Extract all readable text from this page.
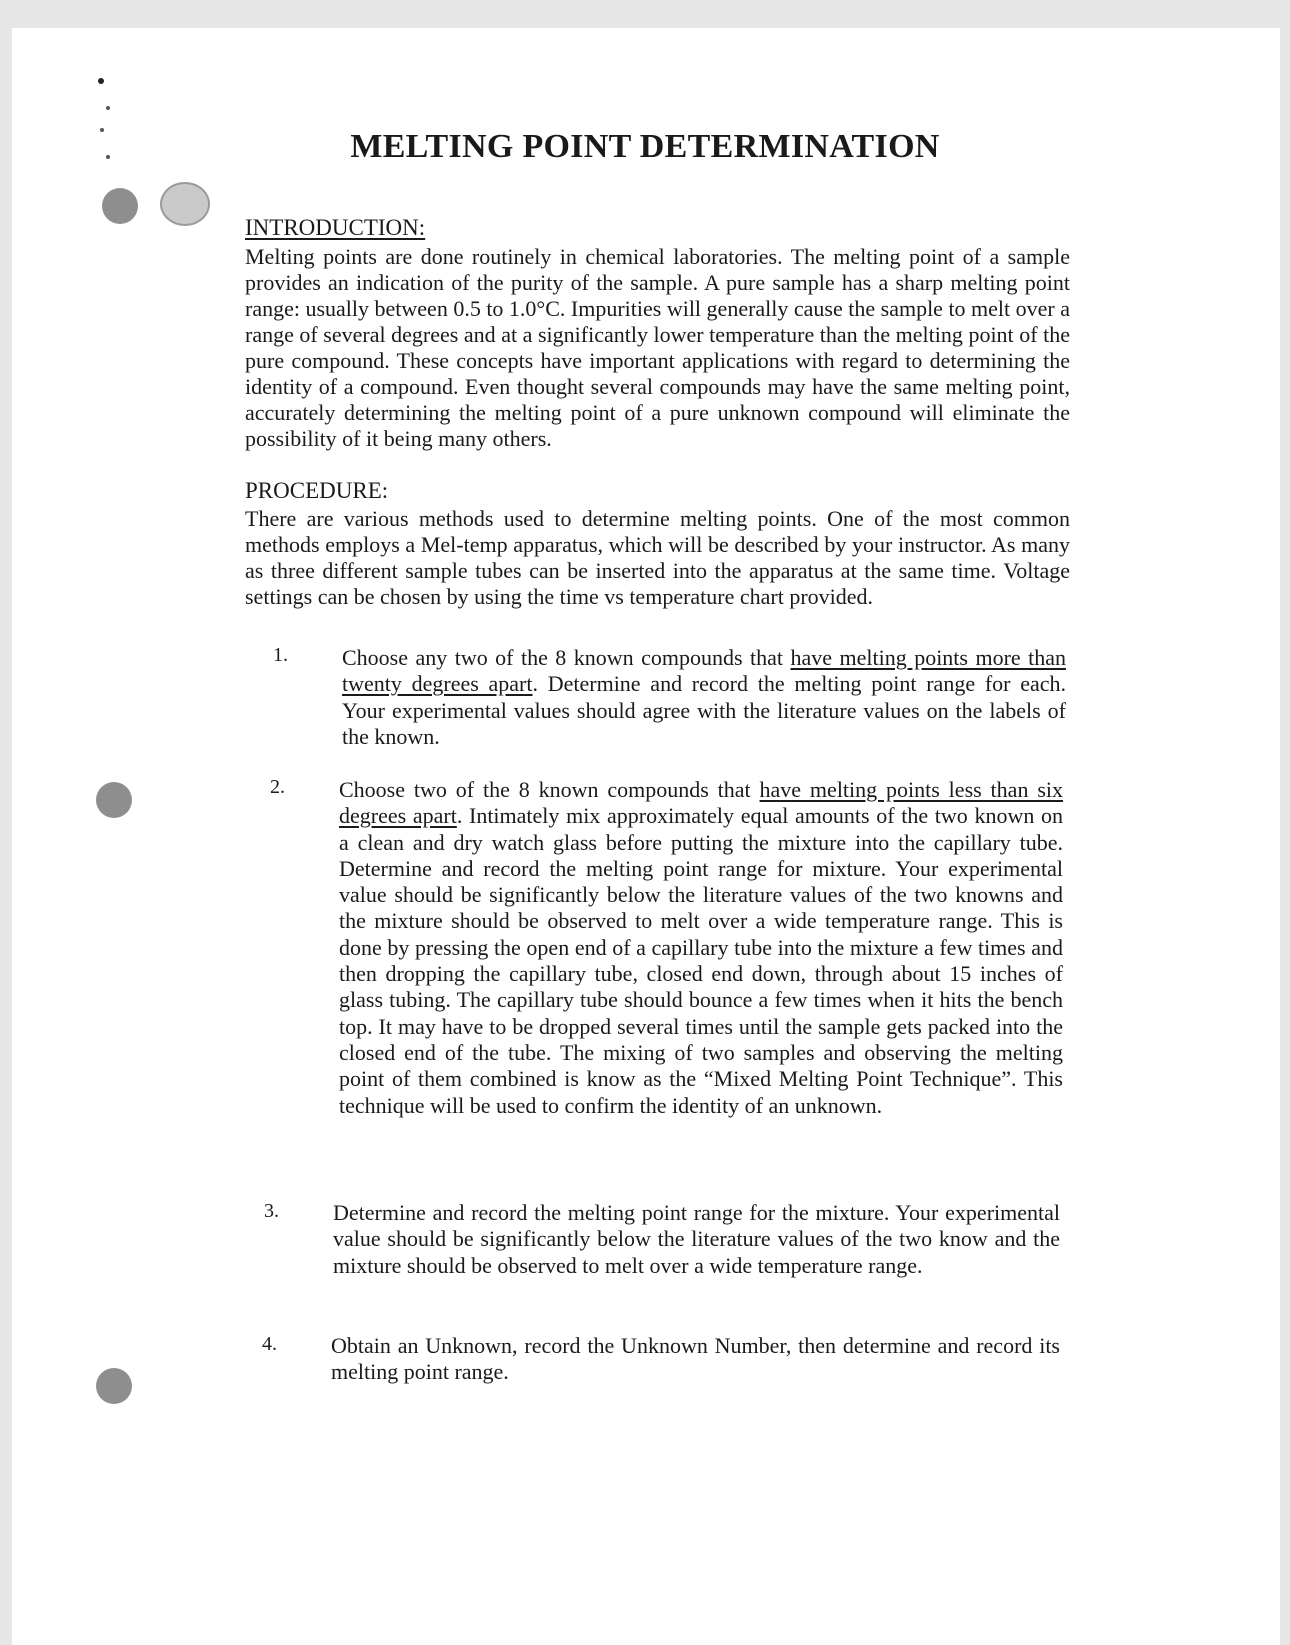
MELTING POINT DETERMINATION
INTRODUCTION:
Melting points are done routinely in chemical laboratories. The melting point of a sample provides an indication of the purity of the sample. A pure sample has a sharp melting point range: usually between 0.5 to 1.0°C. Impurities will generally cause the sample to melt over a range of several degrees and at a significantly lower temperature than the melting point of the pure compound. These concepts have important applications with regard to determining the identity of a compound. Even thought several compounds may have the same melting point, accurately determining the melting point of a pure unknown compound will eliminate the possibility of it being many others.
PROCEDURE:
There are various methods used to determine melting points. One of the most common methods employs a Mel-temp apparatus, which will be described by your instructor. As many as three different sample tubes can be inserted into the apparatus at the same time. Voltage settings can be chosen by using the time vs temperature chart provided.
1. Choose any two of the 8 known compounds that have melting points more than twenty degrees apart. Determine and record the melting point range for each. Your experimental values should agree with the literature values on the labels of the known.
2. Choose two of the 8 known compounds that have melting points less than six degrees apart. Intimately mix approximately equal amounts of the two known on a clean and dry watch glass before putting the mixture into the capillary tube. Determine and record the melting point range for mixture. Your experimental value should be significantly below the literature values of the two knowns and the mixture should be observed to melt over a wide temperature range. This is done by pressing the open end of a capillary tube into the mixture a few times and then dropping the capillary tube, closed end down, through about 15 inches of glass tubing. The capillary tube should bounce a few times when it hits the bench top. It may have to be dropped several times until the sample gets packed into the closed end of the tube. The mixing of two samples and observing the melting point of them combined is know as the “Mixed Melting Point Technique”. This technique will be used to confirm the identity of an unknown.
3. Determine and record the melting point range for the mixture. Your experimental value should be significantly below the literature values of the two know and the mixture should be observed to melt over a wide temperature range.
4. Obtain an Unknown, record the Unknown Number, then determine and record its melting point range.
